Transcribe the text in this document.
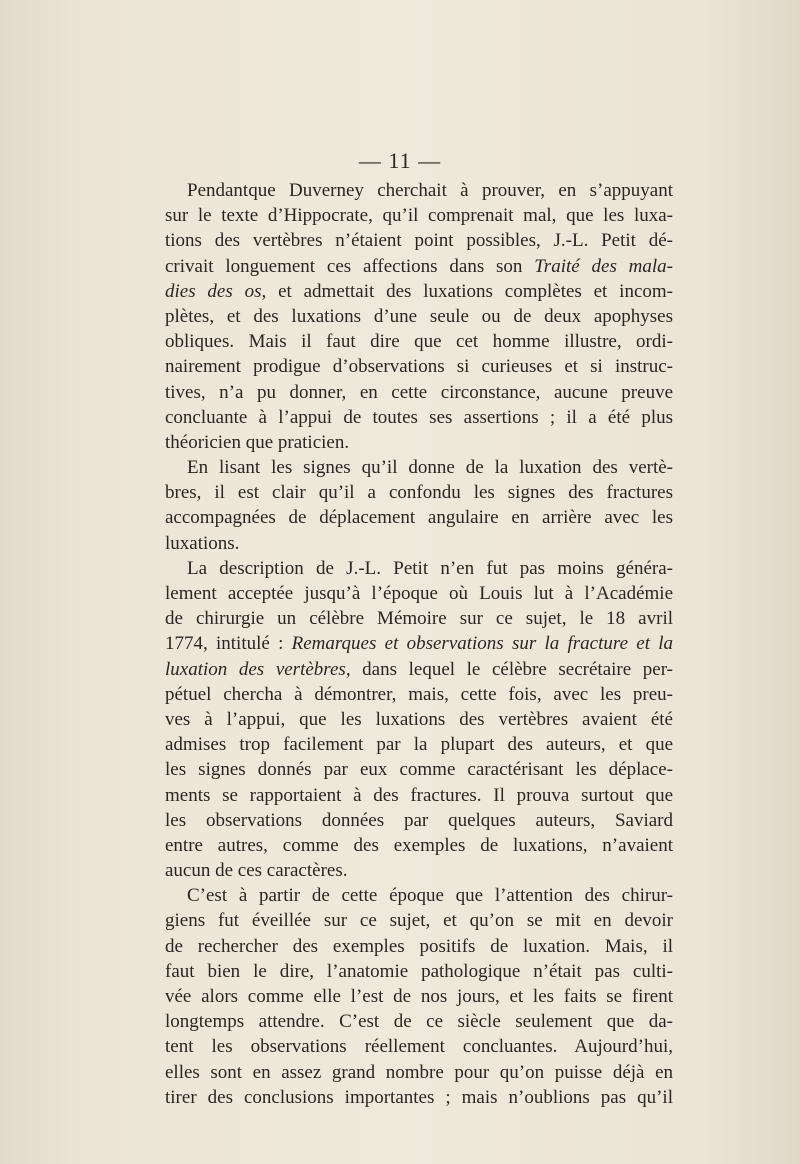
— 11 —
Pendantque Duverney cherchait à prouver, en s’appuyant
sur le texte d’Hippocrate, qu’il comprenait mal, que les luxa-
tions des vertèbres n’étaient point possibles, J.-L. Petit dé-
crivait longuement ces affections dans son Traité des mala-
dies des os, et admettait des luxations complètes et incom-
plètes, et des luxations d’une seule ou de deux apophyses
obliques. Mais il faut dire que cet homme illustre, ordi-
nairement prodigue d’observations si curieuses et si instruc-
tives, n’a pu donner, en cette circonstance, aucune preuve
concluante à l’appui de toutes ses assertions ; il a été plus
théoricien que praticien.
En lisant les signes qu’il donne de la luxation des vertè-
bres, il est clair qu’il a confondu les signes des fractures
accompagnées de déplacement angulaire en arrière avec les
luxations.
La description de J.-L. Petit n’en fut pas moins généra-
lement acceptée jusqu’à l’époque où Louis lut à l’Académie
de chirurgie un célèbre Mémoire sur ce sujet, le 18 avril
1774, intitulé : Remarques et observations sur la fracture et la
luxation des vertèbres, dans lequel le célèbre secrétaire per-
pétuel chercha à démontrer, mais, cette fois, avec les preu-
ves à l’appui, que les luxations des vertèbres avaient été
admises trop facilement par la plupart des auteurs, et que
les signes donnés par eux comme caractérisant les déplace-
ments se rapportaient à des fractures. Il prouva surtout que
les observations données par quelques auteurs, Saviard
entre autres, comme des exemples de luxations, n’avaient
aucun de ces caractères.
C’est à partir de cette époque que l’attention des chirur-
giens fut éveillée sur ce sujet, et qu’on se mit en devoir
de rechercher des exemples positifs de luxation. Mais, il
faut bien le dire, l’anatomie pathologique n’était pas culti-
vée alors comme elle l’est de nos jours, et les faits se firent
longtemps attendre. C’est de ce siècle seulement que da-
tent les observations réellement concluantes. Aujourd’hui,
elles sont en assez grand nombre pour qu’on puisse déjà en
tirer des conclusions importantes ; mais n’oublions pas qu’il
